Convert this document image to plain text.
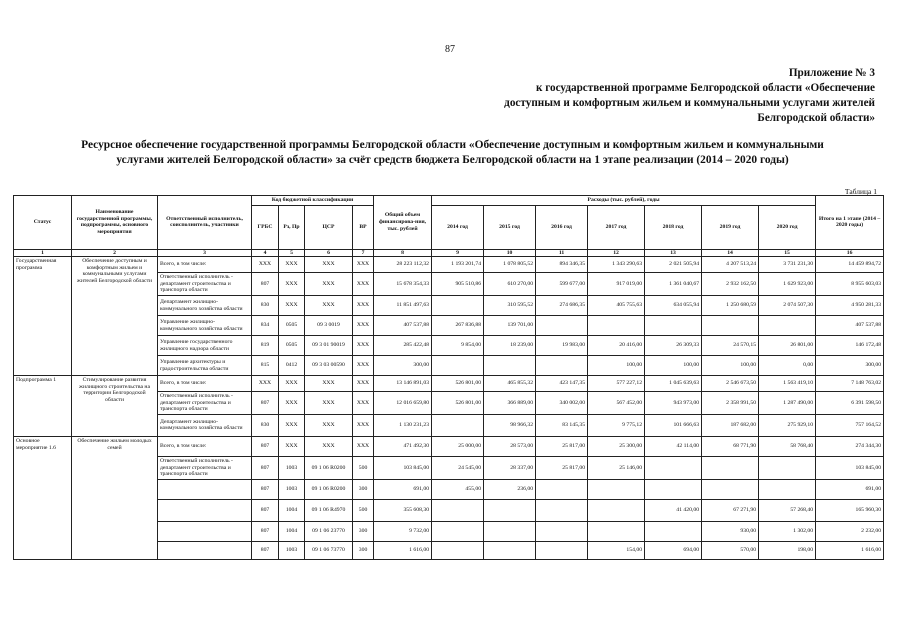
87
Приложение № 3
к государственной программе Белгородской области «Обеспечение
доступным и комфортным жильем и коммунальными услугами жителей
Белгородской области»
Ресурсное обеспечение государственной программы Белгородской области «Обеспечение доступным и комфортным жильем и коммунальными
услугами жителей Белгородской области» за счёт средств бюджета Белгородской области на 1 этапе реализации (2014 – 2020 годы)
Таблица 1
Статус	Наименование государственной программы, подпрограммы, основного мероприятия	Ответственный исполнитель, соисполнитель, участники	Код бюджетной классификации				Общий объем финансирова-ния, тыс. рублей	Расходы (тыс. рублей), годы							Итого на 1 этапе (2014 – 2020 годы)
			ГРБС	Рз, Пр	ЦСР	ВР		2014 год	2015 год	2016 год	2017 год	2018 год	2019 год	2020 год	

1	2	3	4	5	6	7	8	9	10	11	12	13	14	15	16
Государственная программа	Обеспечение доступным и комфортным жильем и коммунальными услугами жителей Белгородской области	Всего, в том числе:	ХХХ	ХХХ	ХХХ	ХХХ	28 223 112,32	1 193 201,74	1 078 805,52	894 346,35	1 343 290,63	2 021 505,94	4 207 513,24	3 731 231,30	14 459 894,72
		Ответственный исполнитель - департамент строительства и транспорта области	807	ХХХ	ХХХ	ХХХ	15 678 354,33	905 510,86	610 270,00	599 677,00	917 019,00	1 361 040,67	2 932 162,50	1 629 923,00	8 955 603,03
		Департамент жилищно-коммунального хозяйства области	830	ХХХ	ХХХ	ХХХ	11 851 497,63		310 595,52	274 686,35	405 755,63	634 055,94	1 250 680,59	2 074 507,30	4 950 281,33
		Управление жилищно-коммунального хозяйства области	834	0505	09 3 0019	ХХХ	407 537,88	267 836,88	139 701,00						407 537,88
		Управление государственного жилищного надзора области	819	0505	09 3 01 90019	ХХХ	285 422,48	9 854,00	18 239,00	19 983,00	20 416,00	26 309,33	24 570,15	26 801,00	146 172,48
		Управление архитектуры и градостроительства области	815	0412	09 3 03 00590	ХХХ	300,00				100,00	100,00	100,00	0,00	300,00
Подпрограмма 1	Стимулирование развития жилищного строительства на территории Белгородской области	Всего, в том числе:	ХХХ	ХХХ	ХХХ	ХХХ	13 146 891,03	526 801,00	465 855,32	423 147,35	577 227,12	1 045 639,63	2 546 673,50	1 563 419,10	7 148 763,02
		Ответственный исполнитель - департамент строительства и транспорта области	807	ХХХ	ХХХ	ХХХ	12 016 659,80	526 801,00	366 889,00	340 002,00	567 452,00	943 973,00	2 358 991,50	1 287 490,00	6 391 598,50
		Департамент жилищно-коммунального хозяйства области	830	ХХХ	ХХХ	ХХХ	1 130 231,23		98 966,32	83 145,35	9 775,12	101 666,63	187 682,00	275 929,10	757 164,52
Основное мероприятие 1.6	Обеспечение жильем молодых семей	Всего, в том числе:	807	ХХХ	ХХХ	ХХХ	471 492,30	25 000,00	28 573,00	25 817,00	25 300,00	42 114,00	68 771,90	58 768,40	274 344,30
		Ответственный исполнитель - департамент строительства и транспорта области	807	1003	09 1 06 R0200	500	103 845,00	24 545,00	28 337,00	25 817,00	25 146,00				103 845,00
			807	1003	09 1 06 R0200	300	691,00	455,00	236,00						691,00
			807	1004	09 1 06 R4970	500	355 608,30					41 420,00	67 271,90	57 268,40	165 960,30
			807	1004	09 1 06 23770	300	9 732,00						930,00	1 302,00	2 232,00
			807	1003	09 1 06 73770	300	1 616,00				154,00	694,00	570,00	198,00	1 616,00
